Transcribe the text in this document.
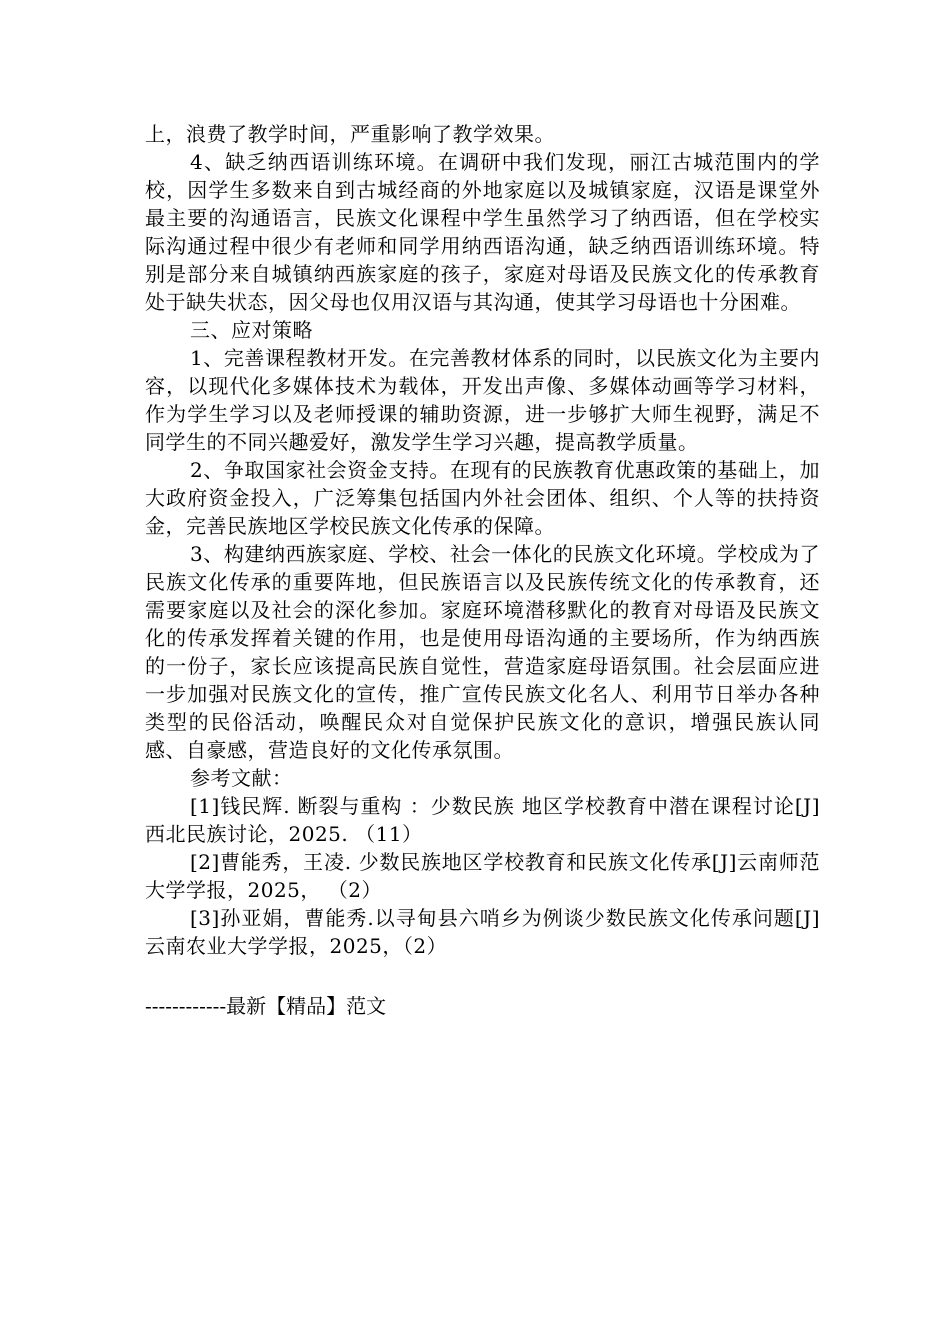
上，浪费了教学时间，严重影响了教学效果。

4、缺乏纳西语训练环境。在调研中我们发现，丽江古城范围内的学校，因学生多数来自到古城经商的外地家庭以及城镇家庭，汉语是课堂外最主要的沟通语言，民族文化课程中学生虽然学习了纳西语，但在学校实际沟通过程中很少有老师和同学用纳西语沟通，缺乏纳西语训练环境。特别是部分来自城镇纳西族家庭的孩子，家庭对母语及民族文化的传承教育处于缺失状态，因父母也仅用汉语与其沟通，使其学习母语也十分困难。

三、应对策略

1、完善课程教材开发。在完善教材体系的同时，以民族文化为主要内容，以现代化多媒体技术为载体，开发出声像、多媒体动画等学习材料，作为学生学习以及老师授课的辅助资源，进一步够扩大师生视野，满足不同学生的不同兴趣爱好，激发学生学习兴趣，提高教学质量。

2、争取国家社会资金支持。在现有的民族教育优惠政策的基础上，加大政府资金投入，广泛筹集包括国内外社会团体、组织、个人等的扶持资金，完善民族地区学校民族文化传承的保障。

3、构建纳西族家庭、学校、社会一体化的民族文化环境。学校成为了民族文化传承的重要阵地，但民族语言以及民族传统文化的传承教育，还需要家庭以及社会的深化参加。家庭环境潜移默化的教育对母语及民族文化的传承发挥着关键的作用，也是使用母语沟通的主要场所，作为纳西族的一份子，家长应该提高民族自觉性，营造家庭母语氛围。社会层面应进一步加强对民族文化的宣传，推广宣传民族文化名人、利用节日举办各种类型的民俗活动，唤醒民众对自觉保护民族文化的意识，增强民族认同感、自豪感，营造良好的文化传承氛围。

参考文献：

[1]钱民辉. 断裂与重构 ：少数民族 地区学校教育中潜在课程讨论[J]西北民族讨论，2025. （11）

[2]曹能秀，王凌. 少数民族地区学校教育和民族文化传承[J]云南师范大学学报，2025， （2）

[3]孙亚娟，曹能秀.以寻甸县六哨乡为例谈少数民族文化传承问题[J]云南农业大学学报，2025，（2）

------------最新【精品】范文
